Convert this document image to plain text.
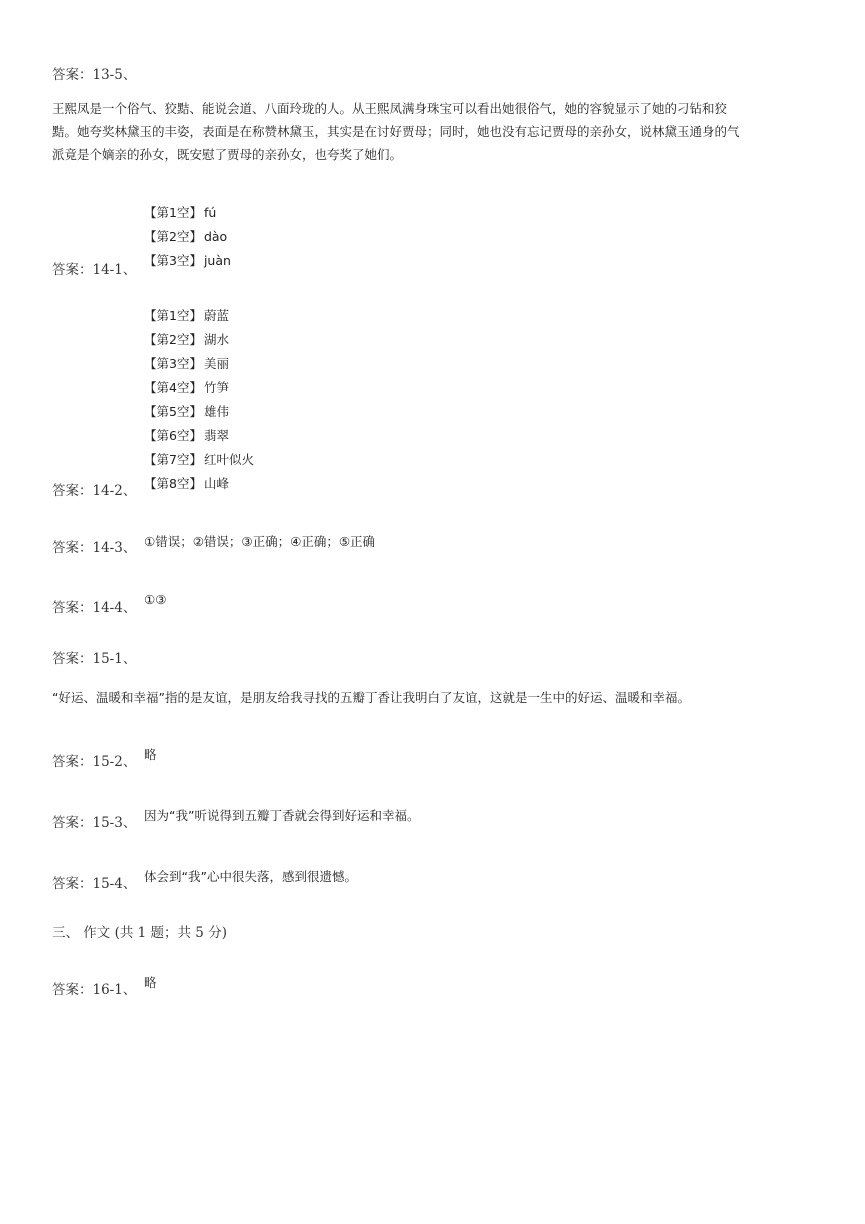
答案：13-5、
王熙凤是一个俗气、狡黠、能说会道、八面玲珑的人。从王熙凤满身珠宝可以看出她很俗气，她的容貌显示了她的刁钻和狡
黠。她夸奖林黛玉的丰姿，表面是在称赞林黛玉，其实是在讨好贾母；同时，她也没有忘记贾母的亲孙女，说林黛玉通身的气
派竟是个嫡亲的孙女，既安慰了贾母的亲孙女，也夸奖了她们。
【第1空】 fú
【第2空】 dào
【第3空】 juàn
答案：14-1、
【第1空】 蔚蓝
【第2空】 湖水
【第3空】 美丽
【第4空】 竹笋
【第5空】 雄伟
【第6空】 翡翠
【第7空】 红叶似火
【第8空】 山峰
答案：14-2、
答案：14-3、 ①错误；②错误；③正确；④正确；⑤正确
答案：14-4、
①③
答案：15-1、
“好运、温暖和幸福”指的是友谊，是朋友给我寻找的五瓣丁香让我明白了友谊，这就是一生中的好运、温暖和幸福。
答案：15-2、 略
答案：15-3、 因为“我”听说得到五瓣丁香就会得到好运和幸福。
答案：15-4、 体会到“我”心中很失落，感到很遗憾。
三、 作文 (共 1 题；共 5 分)
答案：16-1、 略
